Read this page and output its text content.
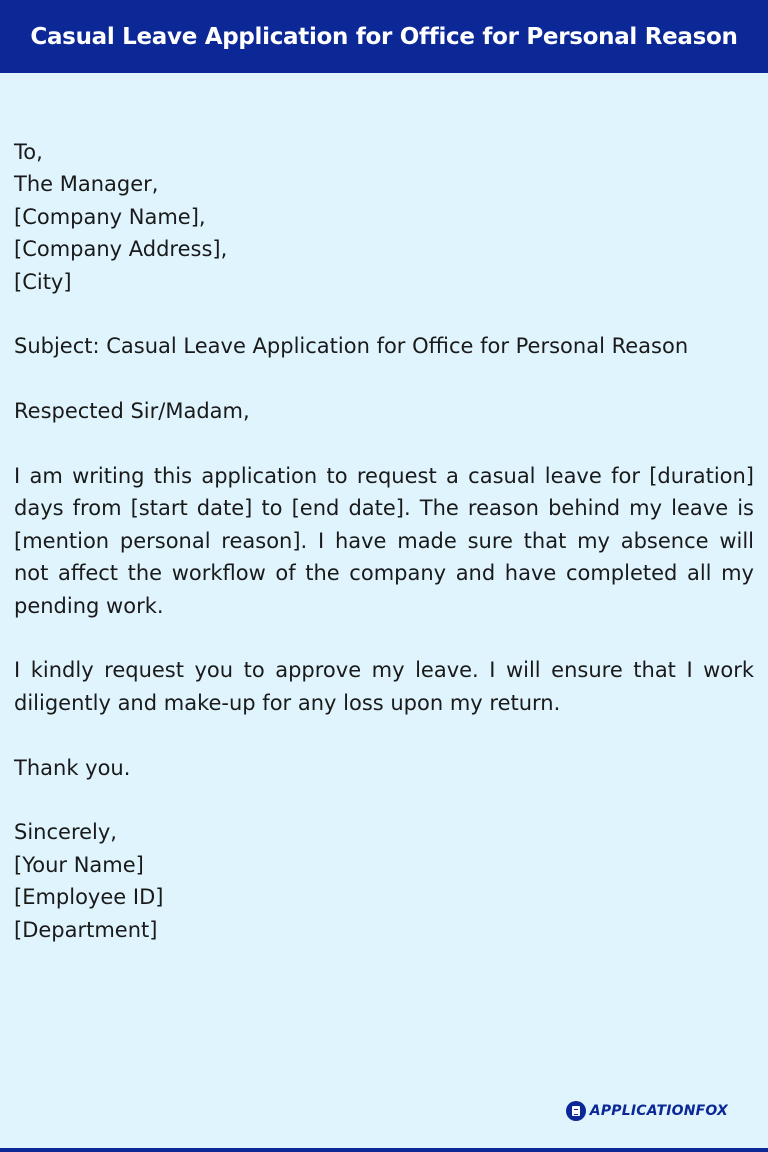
Casual Leave Application for Office for Personal Reason
To,
The Manager,
[Company Name],
[Company Address],
[City]
Subject: Casual Leave Application for Office for Personal Reason
Respected Sir/Madam,
I am writing this application to request a casual leave for [duration] days from [start date] to [end date]. The reason behind my leave is [mention personal reason]. I have made sure that my absence will not affect the workflow of the company and have completed all my pending work.
I kindly request you to approve my leave. I will ensure that I work diligently and make-up for any loss upon my return.
Thank you.
Sincerely,
[Your Name]
[Employee ID]
[Department]
APPLICATIONFOX
